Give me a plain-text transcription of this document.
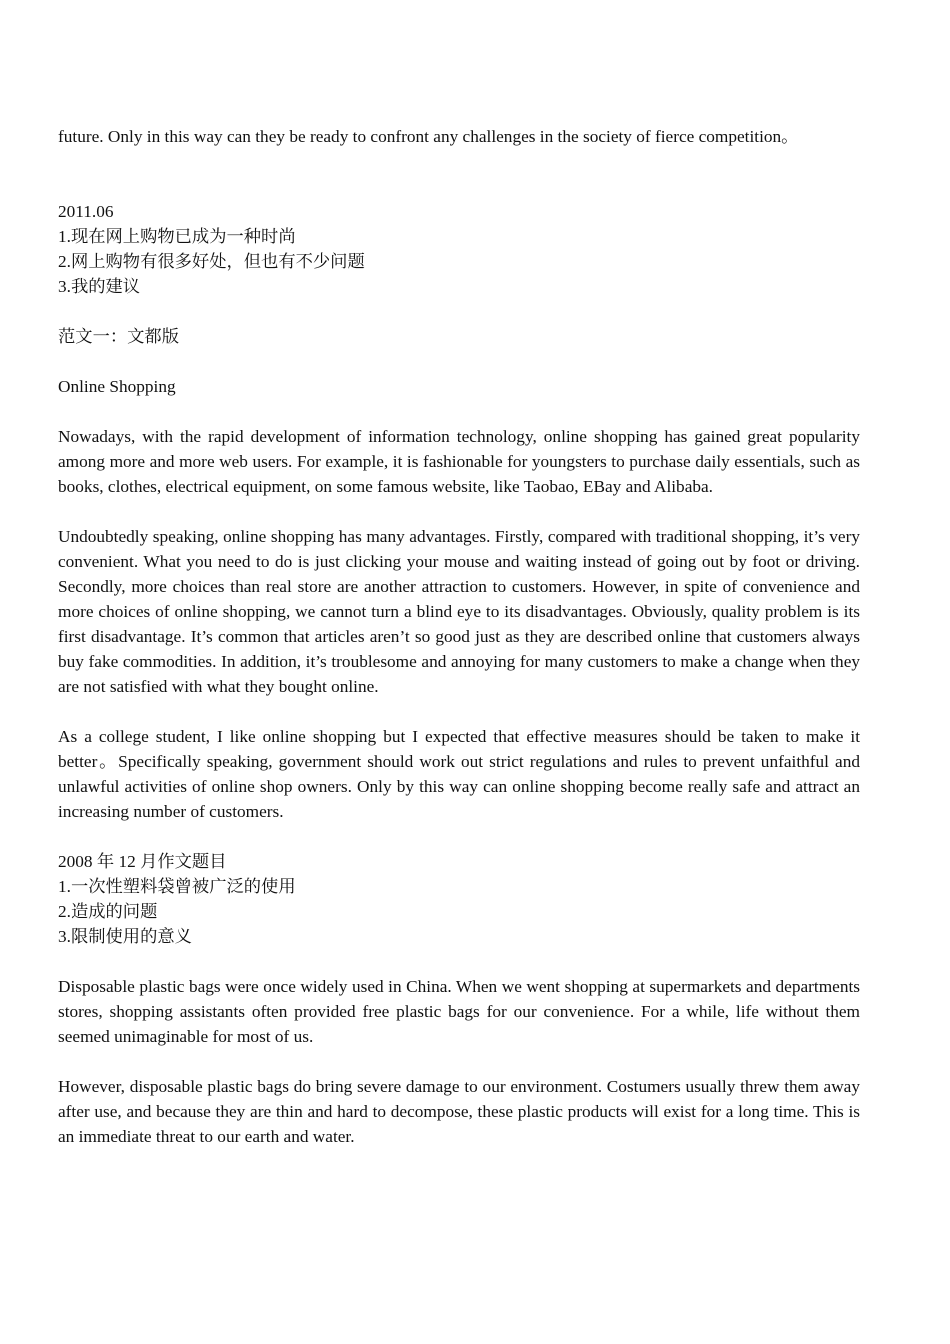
future. Only in this way can they be ready to confront any challenges in the society of fierce competition。

2011.06

1.现在网上购物已成为一种时尚

2.网上购物有很多好处，但也有不少问题

3.我的建议

范文一：文都版

Online Shopping

Nowadays, with the rapid development of information technology, online shopping has gained great popularity among more and more web users. For example, it is fashionable for youngsters to purchase daily essentials, such as books, clothes, electrical equipment, on some famous website, like Taobao, EBay and Alibaba.

Undoubtedly speaking, online shopping has many advantages. Firstly, compared with traditional shopping, it’s very convenient. What you need to do is just clicking your mouse and waiting instead of going out by foot or driving. Secondly, more choices than real store are another attraction to customers. However, in spite of convenience and more choices of online shopping, we cannot turn a blind eye to its disadvantages. Obviously, quality problem is its first disadvantage. It’s common that articles aren’t so good just as they are described online that customers always buy fake commodities. In addition, it’s troublesome and annoying for many customers to make a change when they are not satisfied with what they bought online.

As a college student, I like online shopping but I expected that effective measures should be taken to make it better。Specifically speaking, government should work out strict regulations and rules to prevent unfaithful and unlawful activities of online shop owners. Only by this way can online shopping become really safe and attract an increasing number of customers.

2008 年 12 月作文题目

1.一次性塑料袋曾被广泛的使用

2.造成的问题

3.限制使用的意义

Disposable plastic bags were once widely used in China. When we went shopping at supermarkets and departments stores, shopping assistants often provided free plastic bags for our convenience. For a while, life without them seemed unimaginable for most of us.

However, disposable plastic bags do bring severe damage to our environment. Costumers usually threw them away after use, and because they are thin and hard to decompose, these plastic products will exist for a long time. This is an immediate threat to our earth and water.
